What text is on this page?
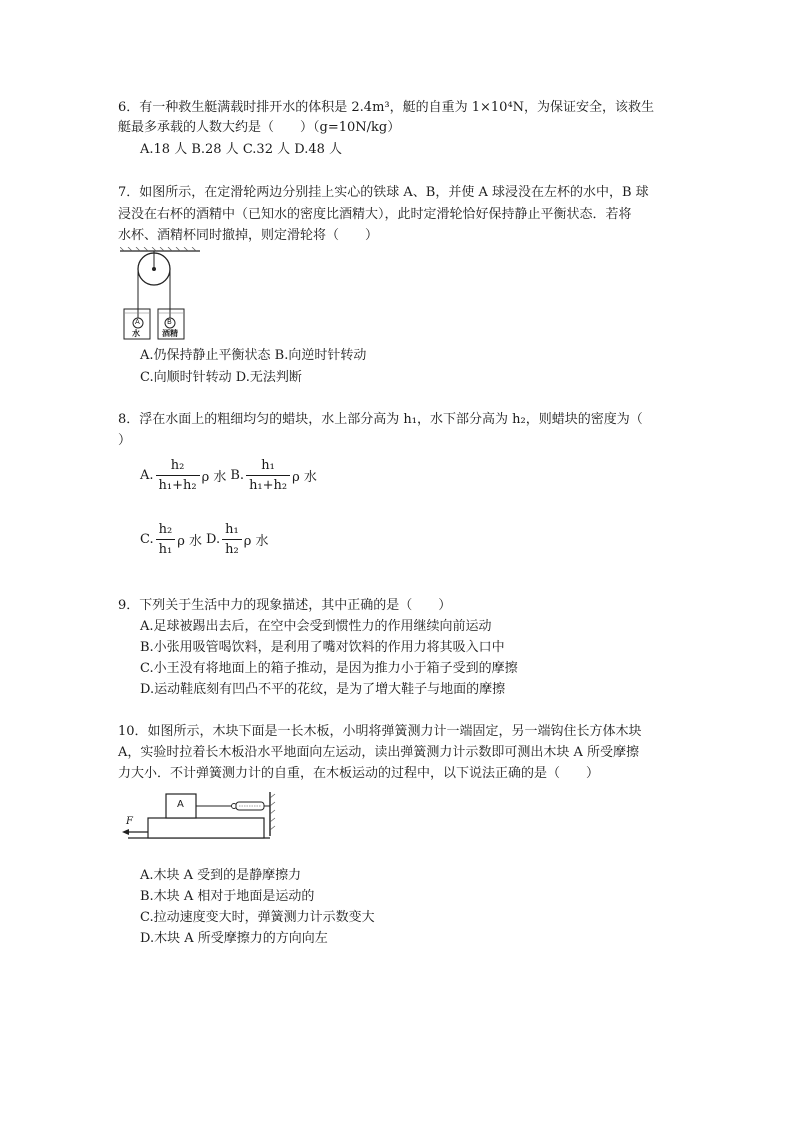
6．有一种救生艇满载时排开水的体积是 2.4m³，艇的自重为 1×10⁴N，为保证安全，该救生
艇最多承载的人数大约是（　　）（g=10N/kg）
A.18 人 B.28 人 C.32 人 D.48 人
7．如图所示，在定滑轮两边分别挂上实心的铁球 A、B，并使 A 球浸没在左杯的水中，B 球
浸没在右杯的酒精中（已知水的密度比酒精大），此时定滑轮恰好保持静止平衡状态．若将
水杯、酒精杯同时撤掉，则定滑轮将（　　）
A	B
水	酒精
A.仍保持静止平衡状态 B.向逆时针转动
C.向顺时针转动 D.无法判断
8．浮在水面上的粗细均匀的蜡块，水上部分高为 h₁，水下部分高为 h₂，则蜡块的密度为（
）
A. $\frac{\text{h₂}}{\text{h₁+h₂}}$ ρ 水 B. $\frac{\text{h₁}}{\text{h₁+h₂}}$ ρ 水
C. $\frac{\text{h₂}}{\text{h₁}}$ ρ 水 D. $\frac{\text{h₁}}{\text{h₂}}$ ρ 水
9．下列关于生活中力的现象描述，其中正确的是（　　）
A.足球被踢出去后，在空中会受到惯性力的作用继续向前运动
B.小张用吸管喝饮料，是利用了嘴对饮料的作用力将其吸入口中
C.小王没有将地面上的箱子推动，是因为推力小于箱子受到的摩擦
D.运动鞋底刻有凹凸不平的花纹，是为了增大鞋子与地面的摩擦
10．如图所示，木块下面是一长木板，小明将弹簧测力计一端固定，另一端钩住长方体木块
A，实验时拉着长木板沿水平地面向左运动，读出弹簧测力计示数即可测出木块 A 所受摩擦
力大小．不计弹簧测力计的自重，在木板运动的过程中，以下说法正确的是（　　）
A
F
A.木块 A 受到的是静摩擦力
B.木块 A 相对于地面是运动的
C.拉动速度变大时，弹簧测力计示数变大
D.木块 A 所受摩擦力的方向向左
